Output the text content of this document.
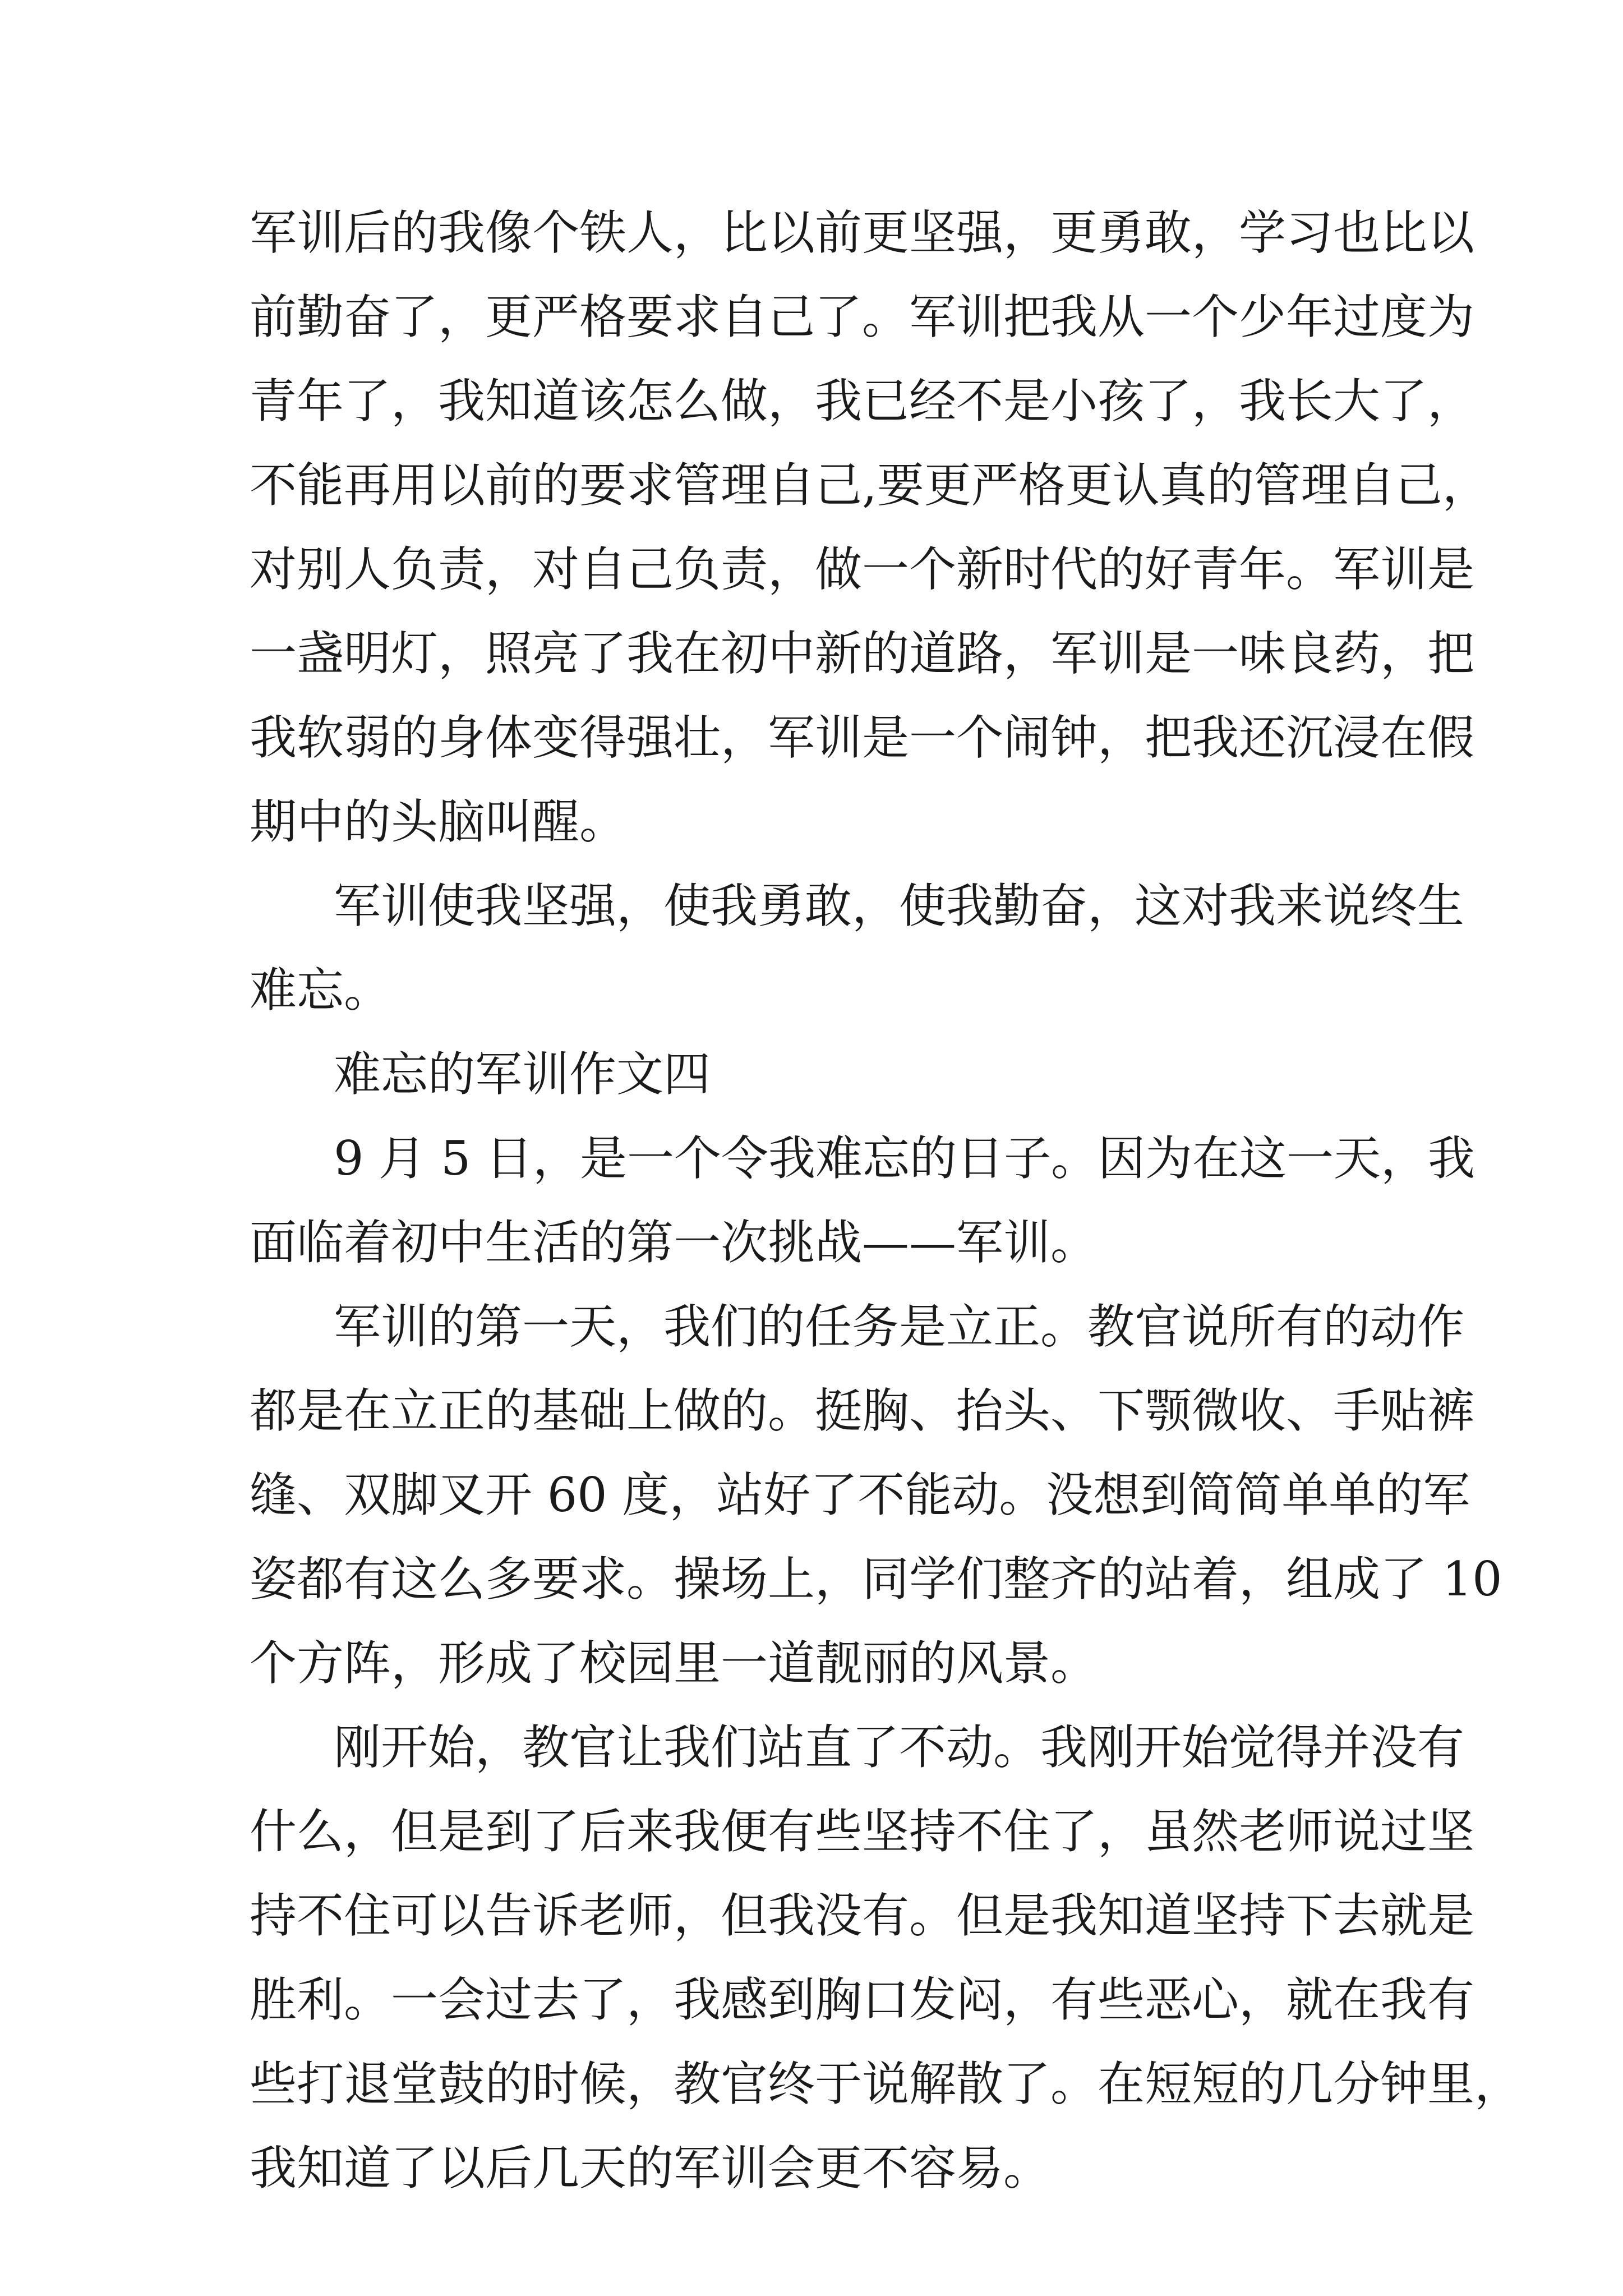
军训后的我像个铁人，比以前更坚强，更勇敢，学习也比以

前勤奋了，更严格要求自己了。军训把我从一个少年过度为

青年了，我知道该怎么做，我已经不是小孩了，我长大了，

不能再用以前的要求管理自己,要更严格更认真的管理自己，

对别人负责，对自己负责，做一个新时代的好青年。军训是

一盏明灯，照亮了我在初中新的道路，军训是一味良药，把

我软弱的身体变得强壮，军训是一个闹钟，把我还沉浸在假

期中的头脑叫醒。

军训使我坚强，使我勇敢，使我勤奋，这对我来说终生

难忘。

难忘的军训作文四

9 月 5 日，是一个令我难忘的日子。因为在这一天，我

面临着初中生活的第一次挑战——军训。

军训的第一天，我们的任务是立正。教官说所有的动作

都是在立正的基础上做的。挺胸、抬头、下颚微收、手贴裤

缝、双脚叉开 60 度，站好了不能动。没想到简简单单的军

姿都有这么多要求。操场上，同学们整齐的站着，组成了 10

个方阵，形成了校园里一道靓丽的风景。

刚开始，教官让我们站直了不动。我刚开始觉得并没有

什么，但是到了后来我便有些坚持不住了，虽然老师说过坚

持不住可以告诉老师，但我没有。但是我知道坚持下去就是

胜利。一会过去了，我感到胸口发闷，有些恶心，就在我有

些打退堂鼓的时候，教官终于说解散了。在短短的几分钟里，

我知道了以后几天的军训会更不容易。
